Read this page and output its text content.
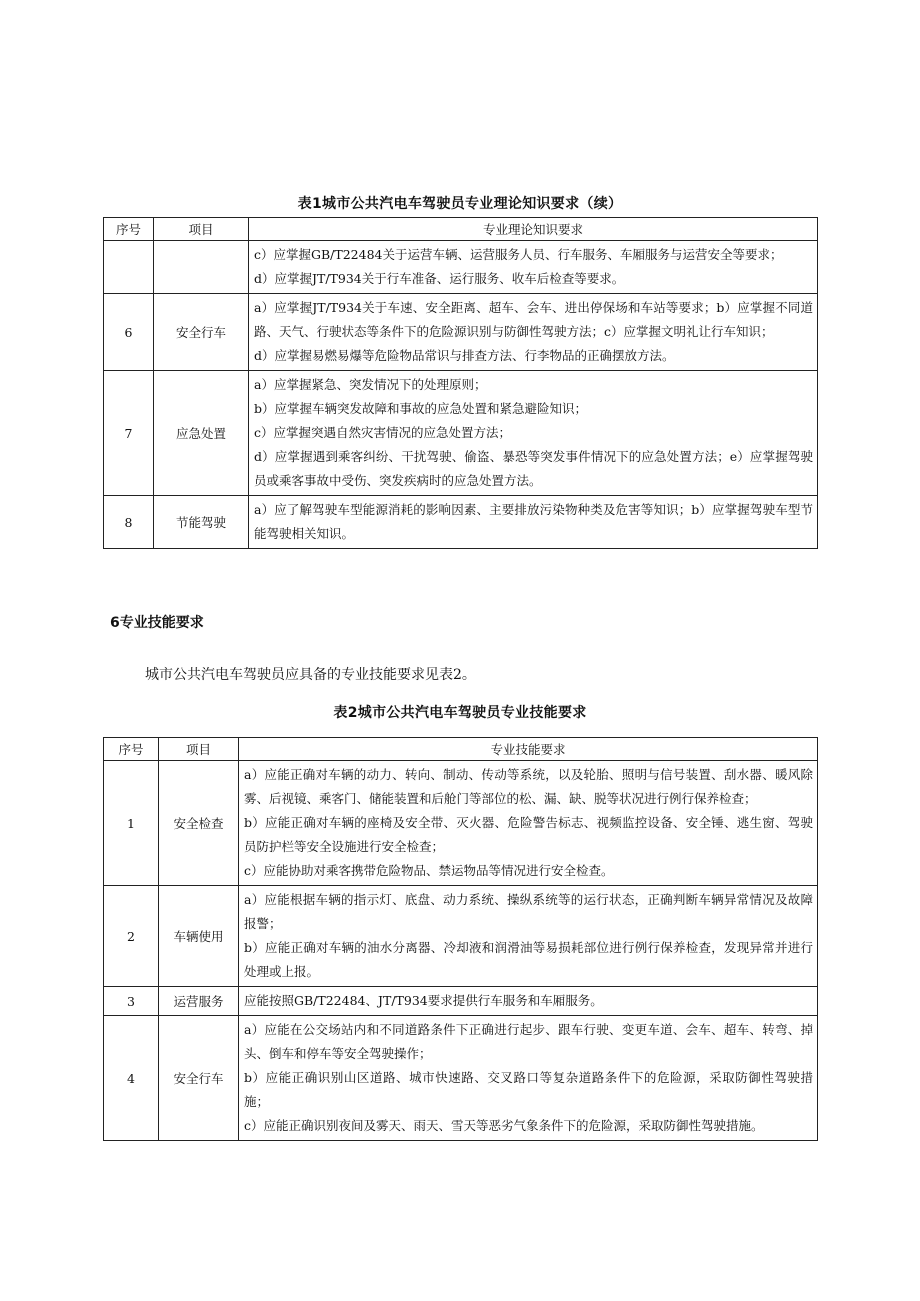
表1城市公共汽电车驾驶员专业理论知识要求（续）
序号	项目	专业理论知识要求

		c）应掌握GB/T22484关于运营车辆、运营服务人员、行车服务、车厢服务与运营安全等要求；
d）应掌握JT/T934关于行车准备、运行服务、收车后检查等要求。

6	安全行车	a）应掌握JT/T934关于车速、安全距离、超车、会车、进出停保场和车站等要求；b）应掌握不同道路、天气、行驶状态等条件下的危险源识别与防御性驾驶方法；c）应掌握文明礼让行车知识；
d）应掌握易燃易爆等危险物品常识与排查方法、行李物品的正确摆放方法。

7	应急处置	a）应掌握紧急、突发情况下的处理原则；
b）应掌握车辆突发故障和事故的应急处置和紧急避险知识；
c）应掌握突遇自然灾害情况的应急处置方法；
d）应掌握遇到乘客纠纷、干扰驾驶、偷盗、暴恐等突发事件情况下的应急处置方法；e）应掌握驾驶员或乘客事故中受伤、突发疾病时的应急处置方法。

8	节能驾驶	a）应了解驾驶车型能源消耗的影响因素、主要排放污染物种类及危害等知识；b）应掌握驾驶车型节能驾驶相关知识。
6专业技能要求
城市公共汽电车驾驶员应具备的专业技能要求见表2。
表2城市公共汽电车驾驶员专业技能要求
序号	项目	专业技能要求
1	安全检查	a）应能正确对车辆的动力、转向、制动、传动等系统，以及轮胎、照明与信号装置、刮水器、暖风除雾、后视镜、乘客门、储能装置和后舱门等部位的松、漏、缺、脱等状况进行例行保养检查；
b）应能正确对车辆的座椅及安全带、灭火器、危险警告标志、视频监控设备、安全锤、逃生窗、驾驶员防护栏等安全设施进行安全检查；
c）应能协助对乘客携带危险物品、禁运物品等情况进行安全检查。

2	车辆使用	a）应能根据车辆的指示灯、底盘、动力系统、操纵系统等的运行状态，正确判断车辆异常情况及故障报警；
b）应能正确对车辆的油水分离器、冷却液和润滑油等易损耗部位进行例行保养检查，发现异常并进行处理或上报。

3	运营服务	应能按照GB/T22484、JT/T934要求提供行车服务和车厢服务。

4	安全行车	a）应能在公交场站内和不同道路条件下正确进行起步、跟车行驶、变更车道、会车、超车、转弯、掉头、倒车和停车等安全驾驶操作；
b）应能正确识别山区道路、城市快速路、交叉路口等复杂道路条件下的危险源，采取防御性驾驶措施；
c）应能正确识别夜间及雾天、雨天、雪天等恶劣气象条件下的危险源，采取防御性驾驶措施。
